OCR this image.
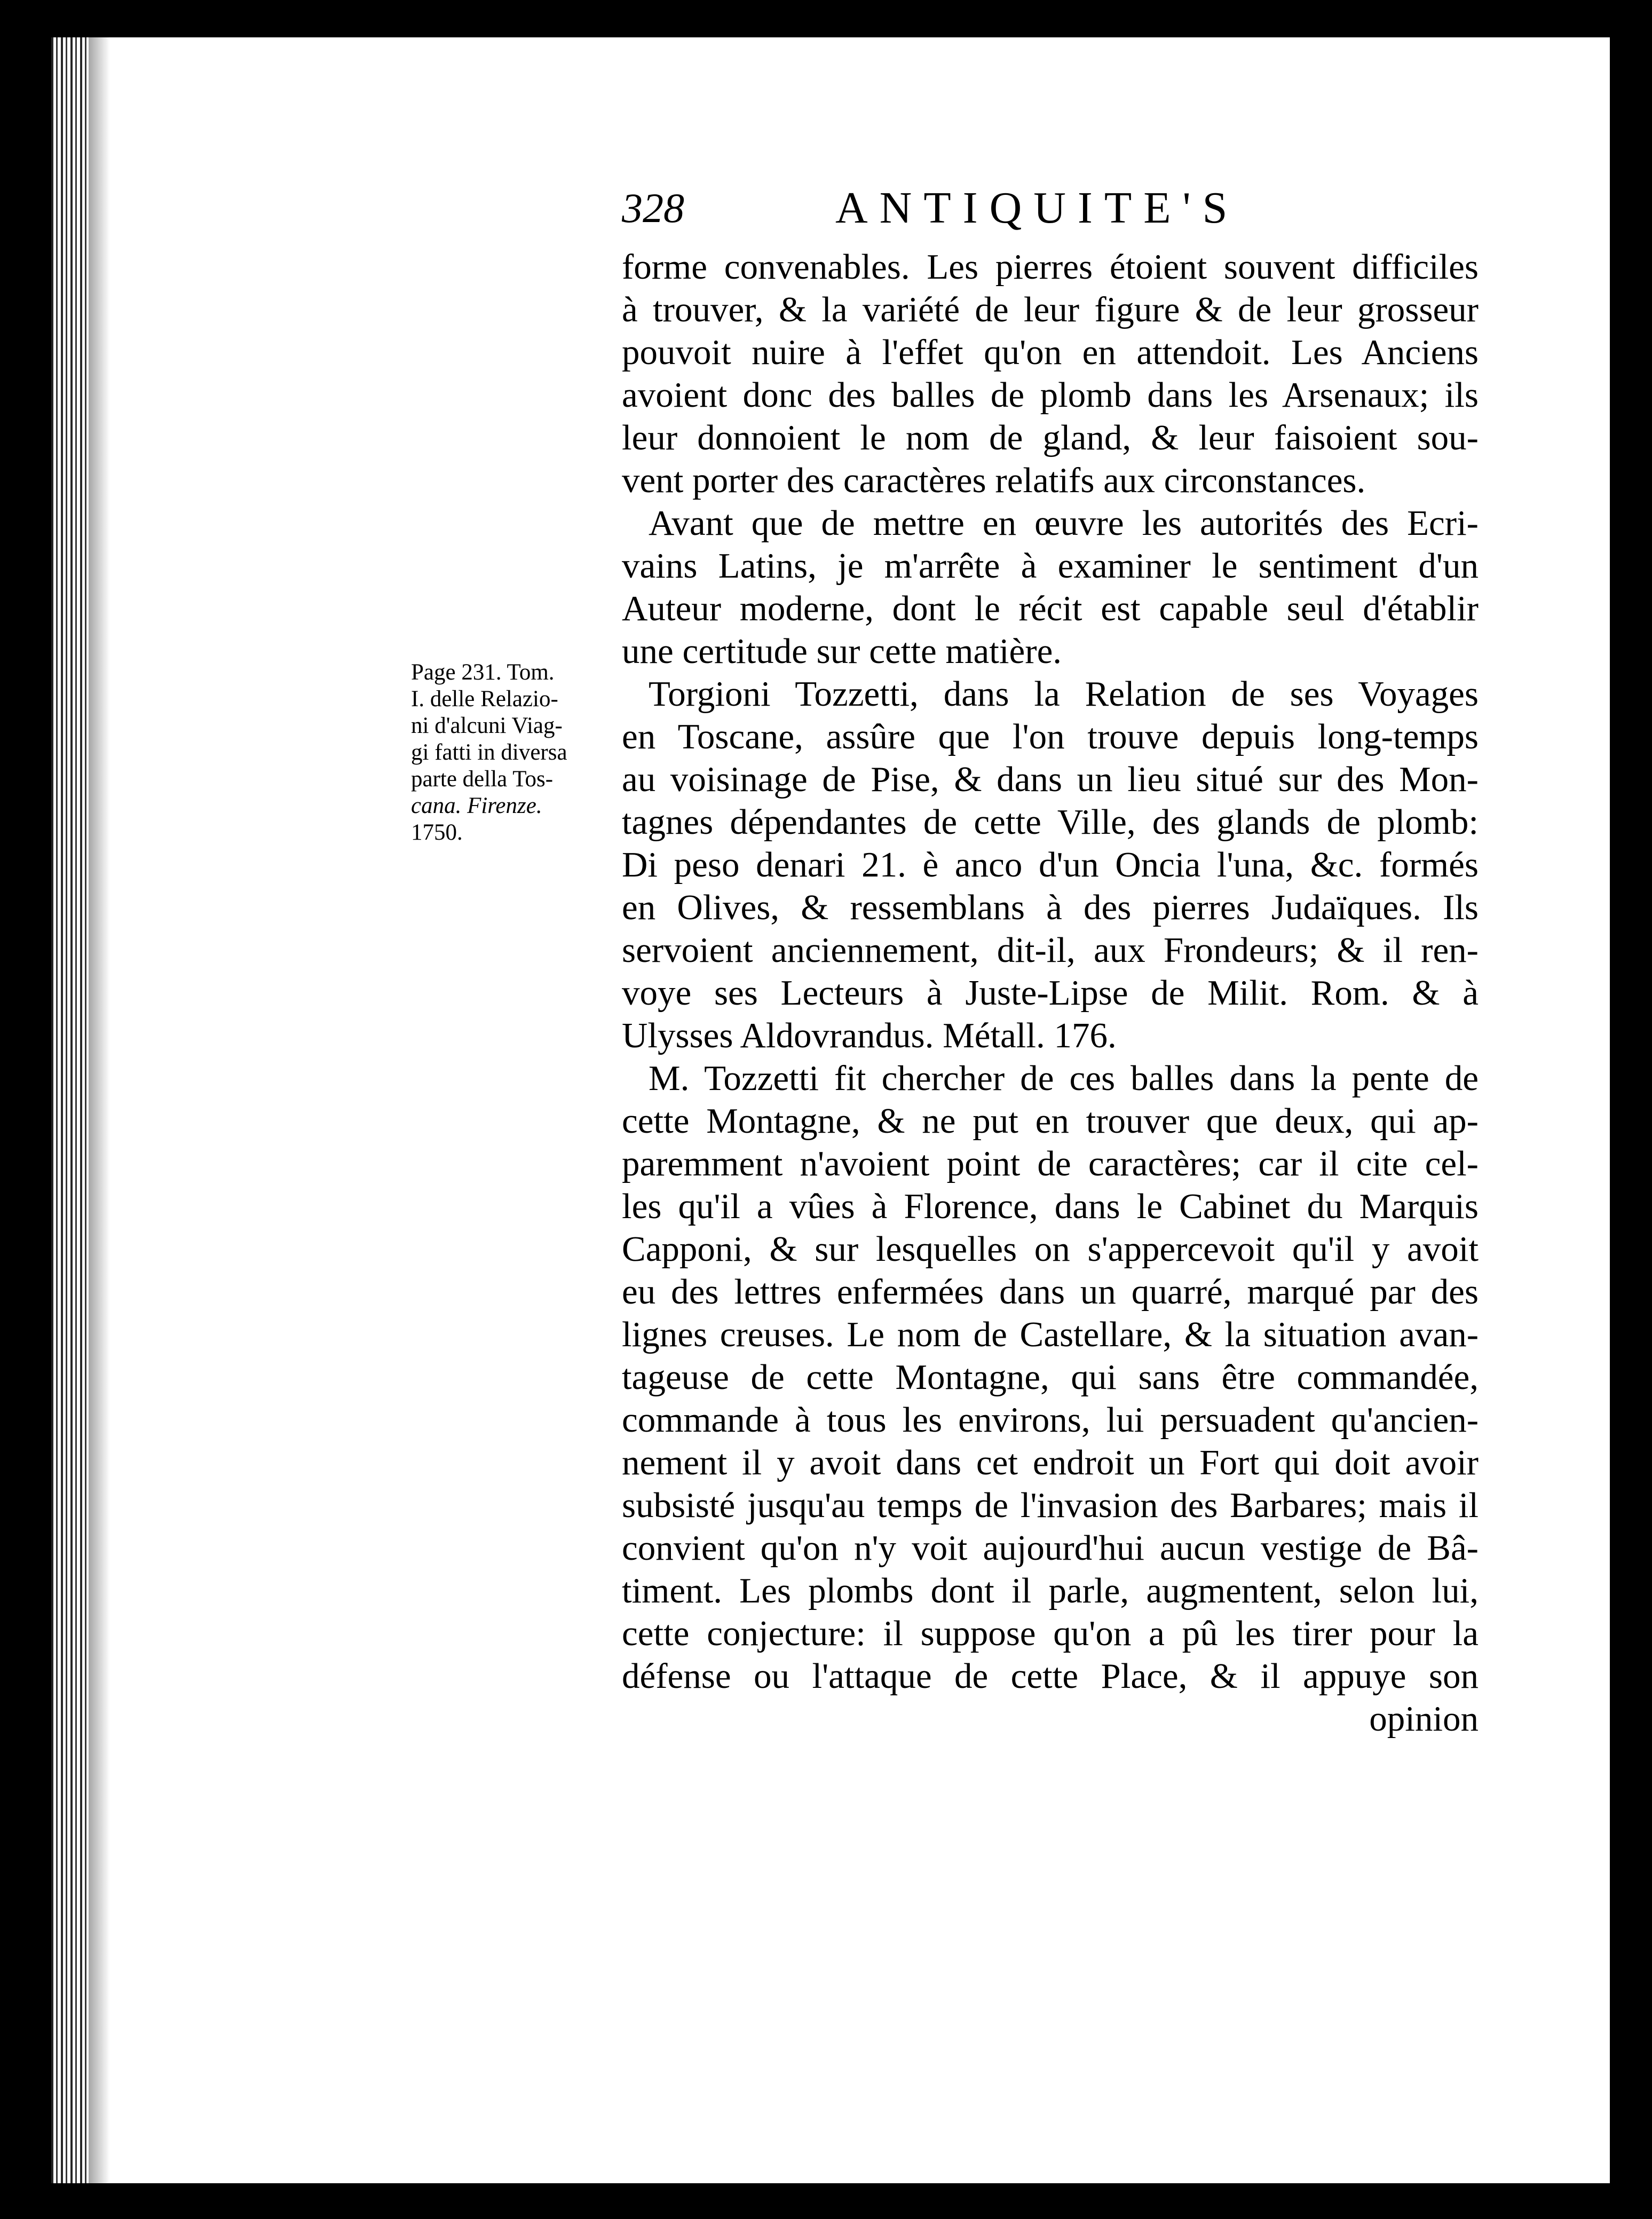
328	ANTIQUITE'S
Page 231. Tom.
I. delle Relazio-
ni d'alcuni Viag-
gi fatti in diversa
parte della Tos-
cana. Firenze.
1750.
forme convenables. Les pierres étoient souvent difficiles
à trouver, & la variété de leur figure & de leur grosseur
pouvoit nuire à l'effet qu'on en attendoit. Les Anciens
avoient donc des balles de plomb dans les Arsenaux; ils
leur donnoient le nom de gland, & leur faisoient sou-
vent porter des caractères relatifs aux circonstances.
Avant que de mettre en œuvre les autorités des Ecri-
vains Latins, je m'arrête à examiner le sentiment d'un
Auteur moderne, dont le récit est capable seul d'établir
une certitude sur cette matière.
Torgioni Tozzetti, dans la Relation de ses Voyages
en Toscane, assûre que l'on trouve depuis long-temps
au voisinage de Pise, & dans un lieu situé sur des Mon-
tagnes dépendantes de cette Ville, des glands de plomb:
Di peso denari 21. è anco d'un Oncia l'una, &c. formés
en Olives, & ressemblans à des pierres Judaïques. Ils
servoient anciennement, dit-il, aux Frondeurs; & il ren-
voye ses Lecteurs à Juste-Lipse de Milit. Rom. & à
Ulysses Aldovrandus. Métall. 176.
M. Tozzetti fit chercher de ces balles dans la pente de
cette Montagne, & ne put en trouver que deux, qui ap-
paremment n'avoient point de caractères; car il cite cel-
les qu'il a vûes à Florence, dans le Cabinet du Marquis
Capponi, & sur lesquelles on s'appercevoit qu'il y avoit
eu des lettres enfermées dans un quarré, marqué par des
lignes creuses. Le nom de Castellare, & la situation avan-
tageuse de cette Montagne, qui sans être commandée,
commande à tous les environs, lui persuadent qu'ancien-
nement il y avoit dans cet endroit un Fort qui doit avoir
subsisté jusqu'au temps de l'invasion des Barbares; mais il
convient qu'on n'y voit aujourd'hui aucun vestige de Bâ-
timent. Les plombs dont il parle, augmentent, selon lui,
cette conjecture: il suppose qu'on a pû les tirer pour la
défense ou l'attaque de cette Place, & il appuye son
opinion
